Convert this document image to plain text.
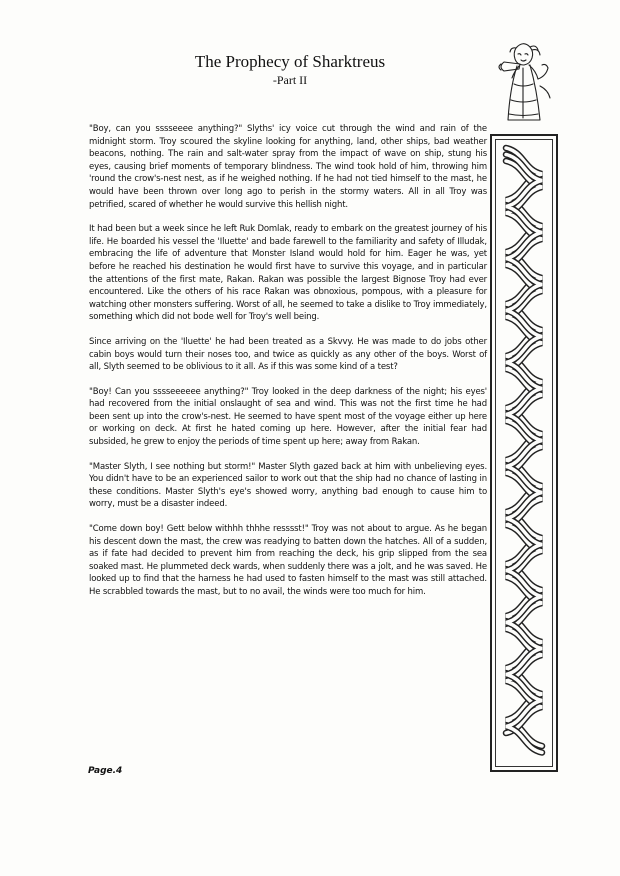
The Prophecy of Sharktreus
-Part II

"Boy, can you sssseeee anything?" Slyths' icy voice cut through the wind and rain of the midnight storm. Troy scoured the skyline looking for anything, land, other ships, bad weather beacons, nothing. The rain and salt-water spray from the impact of wave on ship, stung his eyes, causing brief moments of temporary blindness. The wind took hold of him, throwing him 'round the crow's-nest nest, as if he weighed nothing. If he had not tied himself to the mast, he would have been thrown over long ago to perish in the stormy waters. All in all Troy was petrified, scared of whether he would survive this hellish night.

It had been but a week since he left Ruk Domlak, ready to embark on the greatest journey of his life. He boarded his vessel the 'Iluette' and bade farewell to the familiarity and safety of Illudak, embracing the life of adventure that Monster Island would hold for him. Eager he was, yet before he reached his destination he would first have to survive this voyage, and in particular the attentions of the first mate, Rakan. Rakan was possible the largest Bignose Troy had ever encountered. Like the others of his race Rakan was obnoxious, pompous, with a pleasure for watching other monsters suffering. Worst of all, he seemed to take a dislike to Troy immediately, something which did not bode well for Troy's well being.

Since arriving on the 'Iluette' he had been treated as a Skvvy. He was made to do jobs other cabin boys would turn their noses too, and twice as quickly as any other of the boys. Worst of all, Slyth seemed to be oblivious to it all. As if this was some kind of a test?

"Boy! Can you sssseeeeee anything?" Troy looked in the deep darkness of the night; his eyes' had recovered from the initial onslaught of sea and wind. This was not the first time he had been sent up into the crow's-nest. He seemed to have spent most of the voyage either up here or working on deck. At first he hated coming up here. However, after the initial fear had subsided, he grew to enjoy the periods of time spent up here; away from Rakan.

"Master Slyth, I see nothing but storm!" Master Slyth gazed back at him with unbelieving eyes. You didn't have to be an experienced sailor to work out that the ship had no chance of lasting in these conditions. Master Slyth's eye's showed worry, anything bad enough to cause him to worry, must be a disaster indeed.

"Come down boy! Gett below withhh thhhe resssst!" Troy was not about to argue. As he began his descent down the mast, the crew was readying to batten down the hatches. All of a sudden, as if fate had decided to prevent him from reaching the deck, his grip slipped from the sea soaked mast. He plummeted deck wards, when suddenly there was a jolt, and he was saved. He looked up to find that the harness he had used to fasten himself to the mast was still attached. He scrabbled towards the mast, but to no avail, the winds were too much for him.

Page.4
